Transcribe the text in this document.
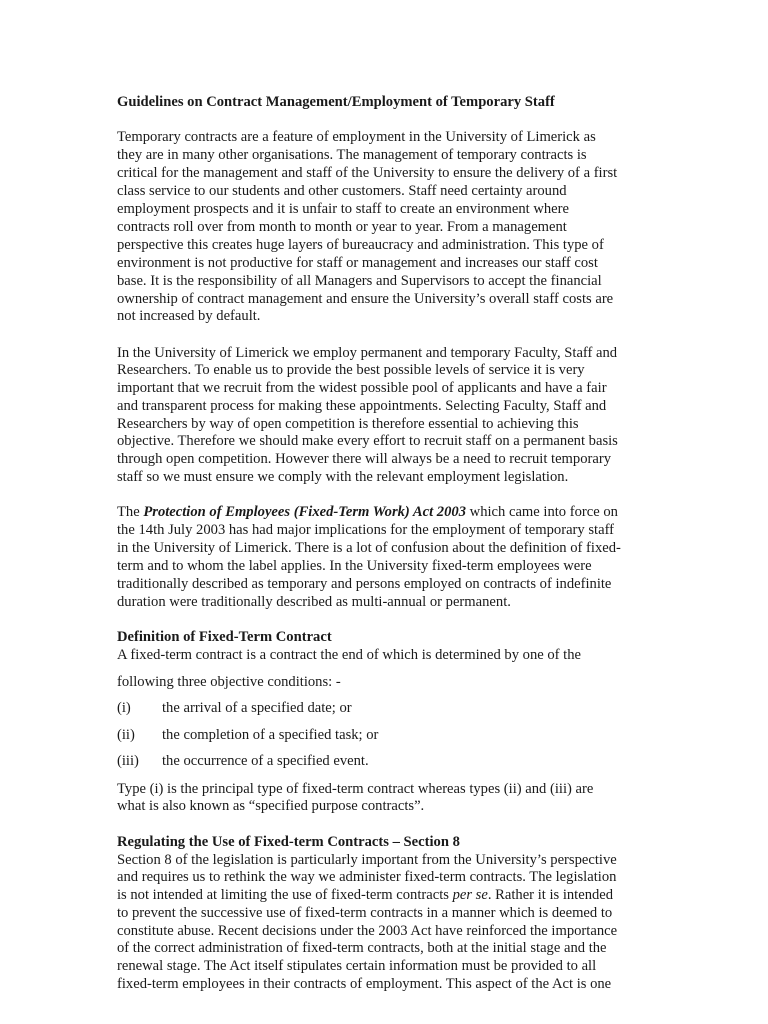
Guidelines on Contract Management/Employment of Temporary Staff
Temporary contracts are a feature of employment in the University of Limerick as
they are in many other organisations. The management of temporary contracts is
critical for the management and staff of the University to ensure the delivery of a first
class service to our students and other customers. Staff need certainty around
employment prospects and it is unfair to staff to create an environment where
contracts roll over from month to month or year to year. From a management
perspective this creates huge layers of bureaucracy and administration. This type of
environment is not productive for staff or management and increases our staff cost
base. It is the responsibility of all Managers and Supervisors to accept the financial
ownership of contract management and ensure the University’s overall staff costs are
not increased by default.
In the University of Limerick we employ permanent and temporary Faculty, Staff and
Researchers. To enable us to provide the best possible levels of service it is very
important that we recruit from the widest possible pool of applicants and have a fair
and transparent process for making these appointments. Selecting Faculty, Staff and
Researchers by way of open competition is therefore essential to achieving this
objective. Therefore we should make every effort to recruit staff on a permanent basis
through open competition. However there will always be a need to recruit temporary
staff so we must ensure we comply with the relevant employment legislation.
The Protection of Employees (Fixed-Term Work) Act 2003 which came into force on
the 14th July 2003 has had major implications for the employment of temporary staff
in the University of Limerick. There is a lot of confusion about the definition of fixed-
term and to whom the label applies. In the University fixed-term employees were
traditionally described as temporary and persons employed on contracts of indefinite
duration were traditionally described as multi-annual or permanent.
Definition of Fixed-Term Contract
A fixed-term contract is a contract the end of which is determined by one of the
following three objective conditions: -
(i) the arrival of a specified date; or
(ii) the completion of a specified task; or
(iii) the occurrence of a specified event.
Type (i) is the principal type of fixed-term contract whereas types (ii) and (iii) are
what is also known as “specified purpose contracts”.
Regulating the Use of Fixed-term Contracts – Section 8
Section 8 of the legislation is particularly important from the University’s perspective
and requires us to rethink the way we administer fixed-term contracts. The legislation
is not intended at limiting the use of fixed-term contracts per se. Rather it is intended
to prevent the successive use of fixed-term contracts in a manner which is deemed to
constitute abuse. Recent decisions under the 2003 Act have reinforced the importance
of the correct administration of fixed-term contracts, both at the initial stage and the
renewal stage. The Act itself stipulates certain information must be provided to all
fixed-term employees in their contracts of employment. This aspect of the Act is one
